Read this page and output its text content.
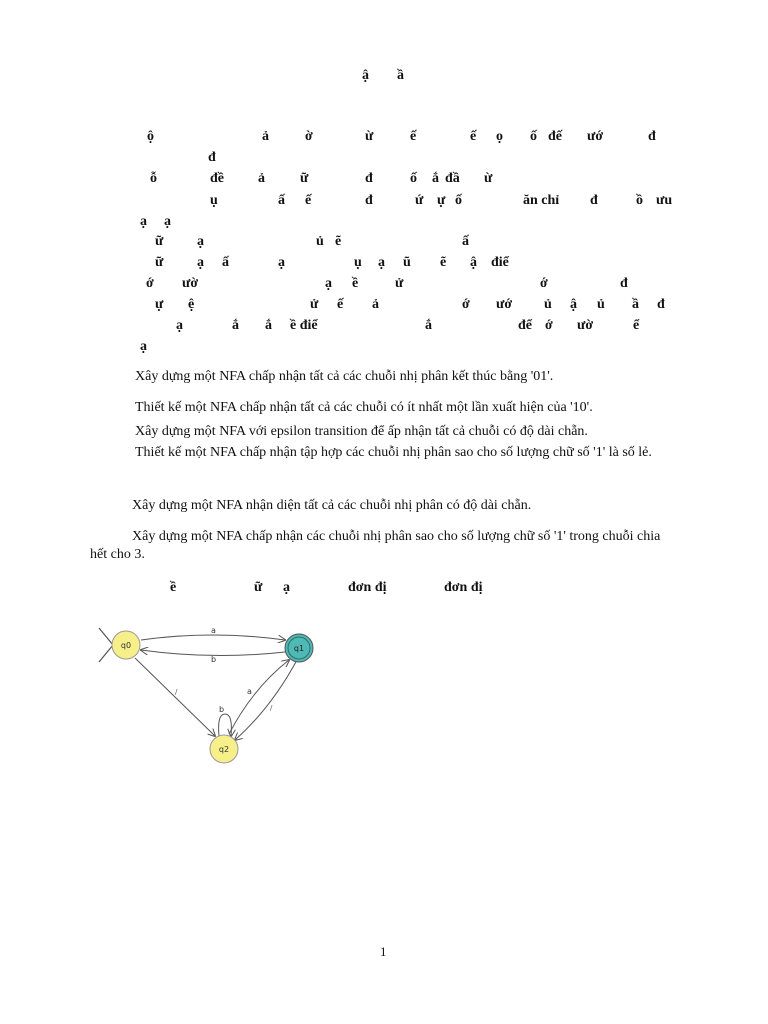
ậ ầ
ộ	ả	ờ	ừ	ế	ế ọ ố đế ướ	đ
đ
ỗ	đề ả	ữ	đ	ố ắ đầ ừ
ụ	ấ ế	đ	ứ ự ố	ăn chỉ đ	ồ ưu
ạ ạ
ữ ạ	ủ ẽ	ấ
ữ ạ ấ	ạ	ụ ạ ũ ẽ ậ điể
ớ ườ	ạ ề	ử	ớ	đ
ự ệ	ử ế ả	ớ ướ ủ ậ ủ ầ đ
ạ	ắ ắ ề điể	ắ	để ớ ườ	ể
ạ
Xây dựng một NFA chấp nhận tất cả các chuỗi nhị phân kết thúc bằng '01'.
Thiết kế một NFA chấp nhận tất cả các chuỗi có ít nhất một lần xuất hiện của '10'.
Xây dựng một NFA với epsilon transition để ấp nhận tất cả chuỗi có độ dài chẵn.
Thiết kế một NFA chấp nhận tập hợp các chuỗi nhị phân sao cho số lượng chữ số '1' là số lẻ.
Xây dựng một NFA nhận diện tất cả các chuỗi nhị phân có độ dài chẵn.
Xây dựng một NFA chấp nhận các chuỗi nhị phân sao cho số lượng chữ số '1' trong chuỗi chia hết cho 3.
ề	ữ ạ	đơn đị	đơn đị
a
b
b
a
/
/
q0	q1
q2
1
